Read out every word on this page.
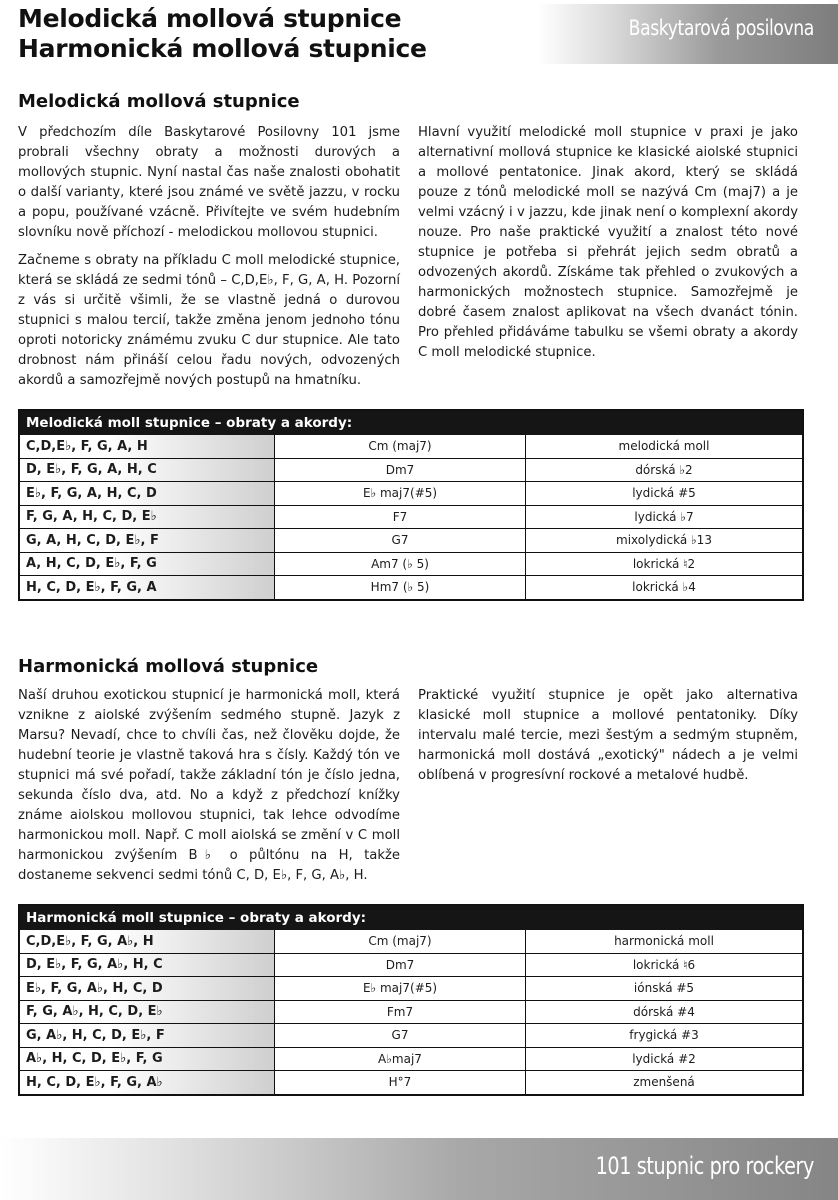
Melodická mollová stupnice
Harmonická mollová stupnice
Baskytarová posilovna
Melodická mollová stupnice

V předchozím díle Baskytarové Posilovny 101 jsme probrali všechny obraty a možnosti durových a mollových stupnic. Nyní nastal čas naše znalosti obohatit o další varianty, které jsou známé ve světě jazzu, v rocku a popu, používané vzácně. Přivítejte ve svém hudebním slovníku nově příchozí - melodickou mollovou stupnici.

Začneme s obraty na příkladu C moll melodické stupnice, která se skládá ze sedmi tónů – C,D,E♭, F, G, A, H. Pozorní z vás si určitě všimli, že se vlastně jedná o durovou stupnici s malou tercií, takže změna jenom jednoho tónu oproti notoricky známému zvuku C dur stupnice. Ale tato drobnost nám přináší celou řadu nových, odvozených akordů a samozřejmě nových postupů na hmatníku.

Hlavní využití melodické moll stupnice v praxi je jako alternativní mollová stupnice ke klasické aiolské stupnici a mollové pentatonice. Jinak akord, který se skládá pouze z tónů melodické moll se nazývá Cm (maj7) a je velmi vzácný i v jazzu, kde jinak není o komplexní akordy nouze. Pro naše praktické využití a znalost této nové stupnice je potřeba si přehrát jejich sedm obratů a odvozených akordů. Získáme tak přehled o zvukových a harmonických možnostech stupnice. Samozřejmě je dobré časem znalost aplikovat na všech dvanáct tónin. Pro přehled přidáváme tabulku se všemi obraty a akordy C moll melodické stupnice.

Melodická moll stupnice – obraty a akordy:
C,D,E♭, F, G, A, H	Cm (maj7)	melodická moll
D, E♭, F, G, A, H, C	Dm7	dórská ♭2
E♭, F, G, A, H, C, D	E♭ maj7(#5)	lydická #5
F, G, A, H, C, D, E♭	F7	lydická ♭7
G, A, H, C, D, E♭, F	G7	mixolydická ♭13
A, H, C, D, E♭, F, G	Am7 (♭ 5)	lokrická ♮2
H, C, D, E♭, F, G, A	Hm7 (♭ 5)	lokrická ♭4
Harmonická mollová stupnice

Naší druhou exotickou stupnicí je harmonická moll, která vznikne z aiolské zvýšením sedmého stupně. Jazyk z Marsu? Nevadí, chce to chvíli čas, než člověku dojde, že hudební teorie je vlastně taková hra s čísly. Každý tón ve stupnici má své pořadí, takže základní tón je číslo jedna, sekunda číslo dva, atd. No a když z předchozí knížky známe aiolskou mollovou stupnici, tak lehce odvodíme harmonickou moll. Např. C moll aiolská se změní v C moll harmonickou zvýšením B♭ o půltónu na H, takže dostaneme sekvenci sedmi tónů C, D, E♭, F, G, A♭, H.

Praktické využití stupnice je opět jako alternativa klasické moll stupnice a mollové pentatoniky. Díky intervalu malé tercie, mezi šestým a sedmým stupněm, harmonická moll dostává „exotický" nádech a je velmi oblíbená v progresívní rockové a metalové hudbě.

Harmonická moll stupnice – obraty a akordy:
C,D,E♭, F, G, A♭, H	Cm (maj7)	harmonická moll
D, E♭, F, G, A♭, H, C	Dm7	lokrická ♮6
E♭, F, G, A♭, H, C, D	E♭ maj7(#5)	iónská #5
F, G, A♭, H, C, D, E♭	Fm7	dórská #4
G, A♭, H, C, D, E♭, F	G7	frygická #3
A♭, H, C, D, E♭, F, G	A♭maj7	lydická #2
H, C, D, E♭, F, G, A♭	H°7	zmenšená
101 stupnic pro rockery
